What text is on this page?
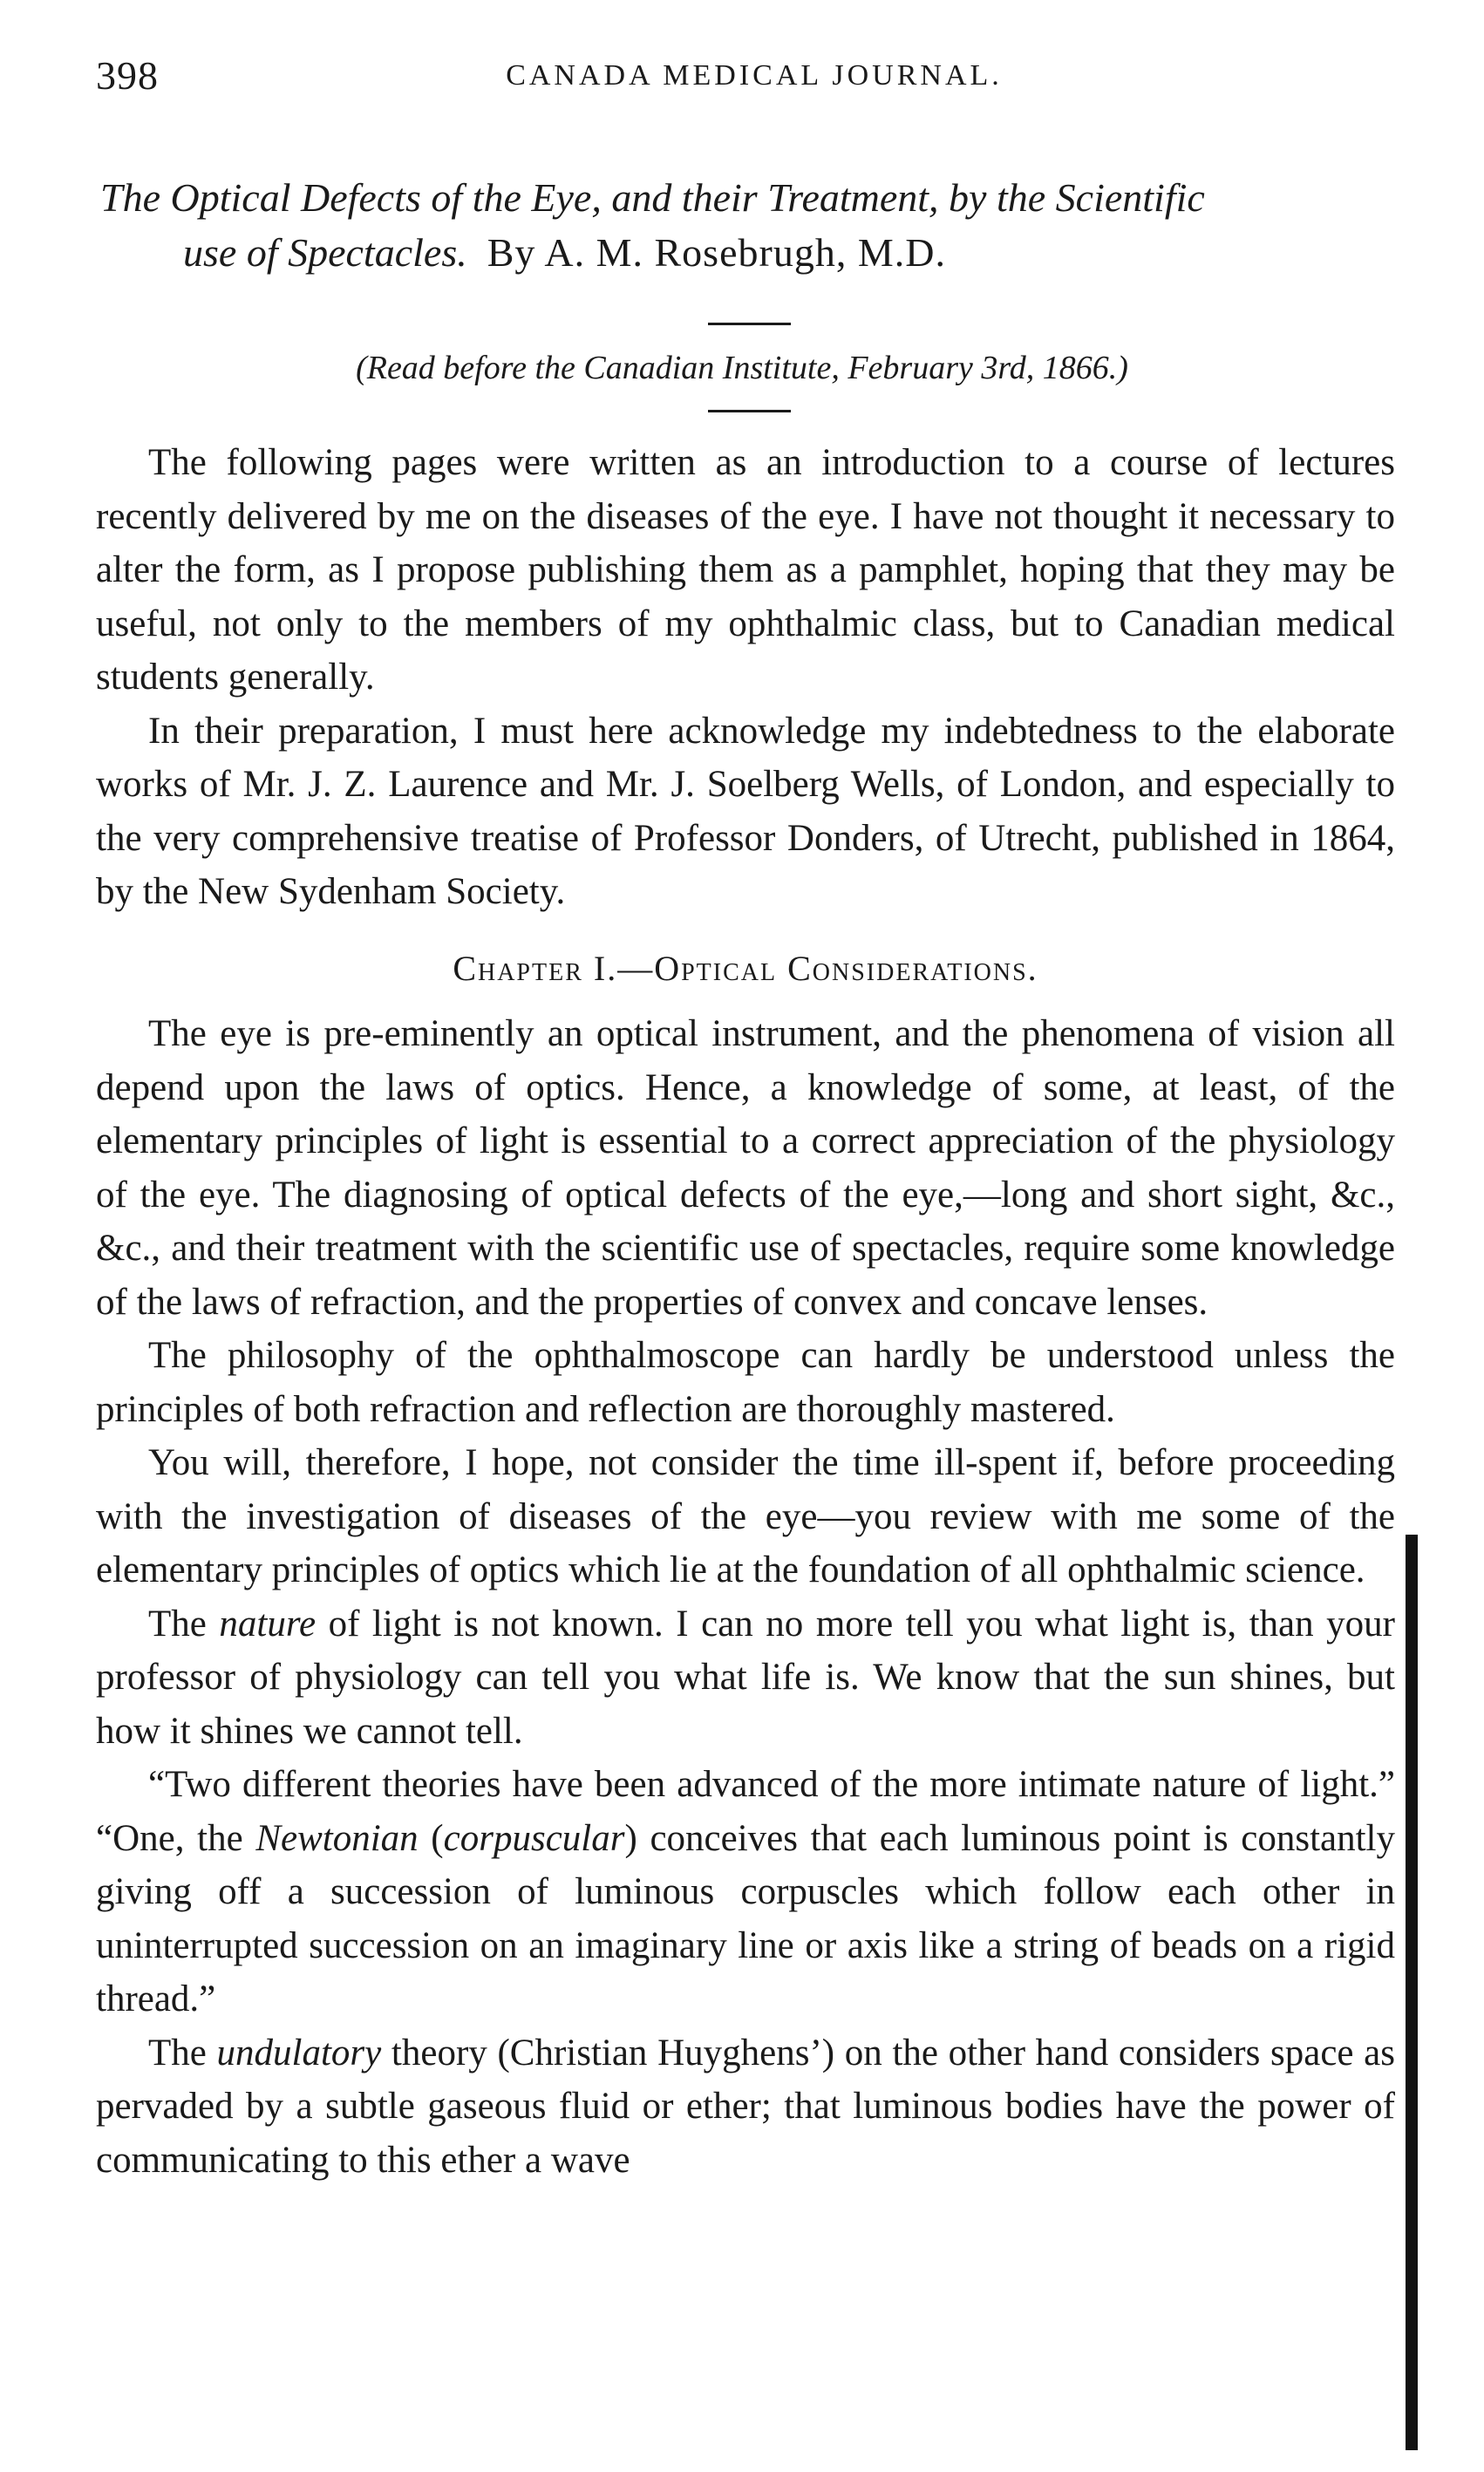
398	CANADA MEDICAL JOURNAL.
The Optical Defects of the Eye, and their Treatment, by the Scientific
use of Spectacles. By A. M. Rosebrugh, M.D.
(Read before the Canadian Institute, February 3rd, 1866.)

The following pages were written as an introduction to a course of lectures recently delivered by me on the diseases of the eye. I have not thought it necessary to alter the form, as I propose publishing them as a pamphlet, hoping that they may be useful, not only to the members of my ophthalmic class, but to Canadian medical students generally.

In their preparation, I must here acknowledge my indebtedness to the elaborate works of Mr. J. Z. Laurence and Mr. J. Soelberg Wells, of London, and especially to the very comprehensive treatise of Professor Donders, of Utrecht, published in 1864, by the New Sydenham Society.

Chapter I.—Optical Considerations.

The eye is pre-eminently an optical instrument, and the phenomena of vision all depend upon the laws of optics. Hence, a knowledge of some, at least, of the elementary principles of light is essential to a correct appreciation of the physiology of the eye. The diagnosing of optical defects of the eye,—long and short sight, &c., &c., and their treatment with the scientific use of spectacles, require some knowledge of the laws of refraction, and the properties of convex and concave lenses.

The philosophy of the ophthalmoscope can hardly be understood unless the principles of both refraction and reflection are thoroughly mastered.

You will, therefore, I hope, not consider the time ill-spent if, before proceeding with the investigation of diseases of the eye—you review with me some of the elementary principles of optics which lie at the foundation of all ophthalmic science.

The nature of light is not known. I can no more tell you what light is, than your professor of physiology can tell you what life is. We know that the sun shines, but how it shines we cannot tell.

“Two different theories have been advanced of the more intimate nature of light.” “One, the Newtonian (corpuscular) conceives that each luminous point is constantly giving off a succession of luminous corpuscles which follow each other in uninterrupted succession on an imaginary line or axis like a string of beads on a rigid thread.”

The undulatory theory (Christian Huyghens’) on the other hand considers space as pervaded by a subtle gaseous fluid or ether; that luminous bodies have the power of communicating to this ether a wave
